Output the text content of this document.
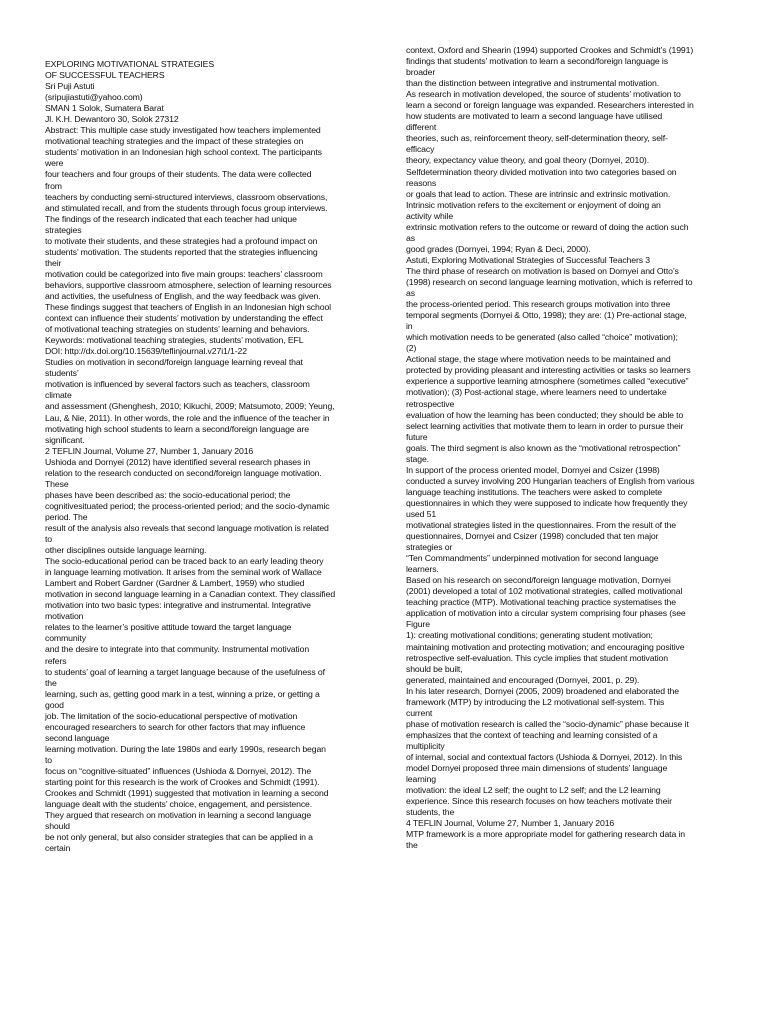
EXPLORING MOTIVATIONAL STRATEGIES
OF SUCCESSFUL TEACHERS
Sri Puji Astuti
(sripujiastuti@yahoo.com)
SMAN 1 Solok, Sumatera Barat
Jl. K.H. Dewantoro 30, Solok 27312
Abstract: This multiple case study investigated how teachers implemented
motivational teaching strategies and the impact of these strategies on
students’ motivation in an Indonesian high school context. The participants
were
four teachers and four groups of their students. The data were collected
from
teachers by conducting semi-structured interviews, classroom observations,
and stimulated recall, and from the students through focus group interviews.
The findings of the research indicated that each teacher had unique
strategies
to motivate their students, and these strategies had a profound impact on
students’ motivation. The students reported that the strategies influencing
their
motivation could be categorized into five main groups: teachers’ classroom
behaviors, supportive classroom atmosphere, selection of learning resources
and activities, the usefulness of English, and the way feedback was given.
These findings suggest that teachers of English in an Indonesian high school
context can influence their students’ motivation by understanding the effect
of motivational teaching strategies on students’ learning and behaviors.
Keywords: motivational teaching strategies, students’ motivation, EFL
DOI: http://dx.doi.org/10.15639/teflinjournal.v27i1/1-22
Studies on motivation in second/foreign language learning reveal that
students’
motivation is influenced by several factors such as teachers, classroom
climate
and assessment (Ghenghesh, 2010; Kikuchi, 2009; Matsumoto, 2009; Yeung,
Lau, & Nie, 2011). In other words, the role and the influence of the teacher in
motivating high school students to learn a second/foreign language are
significant.
2 TEFLIN Journal, Volume 27, Number 1, January 2016
Ushioda and Dornyei (2012) have identified several research phases in
relation to the research conducted on second/foreign language motivation.
These
phases have been described as: the socio-educational period; the
cognitivesituated period; the process-oriented period; and the socio-dynamic
period. The
result of the analysis also reveals that second language motivation is related
to
other disciplines outside language learning.
The socio-educational period can be traced back to an early leading theory
in language learning motivation. It arises from the seminal work of Wallace
Lambert and Robert Gardner (Gardner & Lambert, 1959) who studied
motivation in second language learning in a Canadian context. They classified
motivation into two basic types: integrative and instrumental. Integrative
motivation
relates to the learner’s positive attitude toward the target language
community
and the desire to integrate into that community. Instrumental motivation
refers
to students’ goal of learning a target language because of the usefulness of
the
learning, such as, getting good mark in a test, winning a prize, or getting a
good
job. The limitation of the socio-educational perspective of motivation
encouraged researchers to search for other factors that may influence
second language
learning motivation. During the late 1980s and early 1990s, research began
to
focus on “cognitive-situated” influences (Ushioda & Dornyei, 2012). The
starting point for this research is the work of Crookes and Schmidt (1991).
Crookes and Schmidt (1991) suggested that motivation in learning a second
language dealt with the students’ choice, engagement, and persistence.
They argued that research on motivation in learning a second language
should
be not only general, but also consider strategies that can be applied in a
certain
context. Oxford and Shearin (1994) supported Crookes and Schmidt’s (1991)
findings that students’ motivation to learn a second/foreign language is
broader
than the distinction between integrative and instrumental motivation.
As research in motivation developed, the source of students’ motivation to
learn a second or foreign language was expanded. Researchers interested in
how students are motivated to learn a second language have utilised
different
theories, such as, reinforcement theory, self-determination theory, self-
efficacy
theory, expectancy value theory, and goal theory (Dornyei, 2010).
Selfdetermination theory divided motivation into two categories based on
reasons
or goals that lead to action. These are intrinsic and extrinsic motivation.
Intrinsic motivation refers to the excitement or enjoyment of doing an
activity while
extrinsic motivation refers to the outcome or reward of doing the action such
as
good grades (Dornyei, 1994; Ryan & Deci, 2000).
Astuti, Exploring Motivational Strategies of Successful Teachers 3
The third phase of research on motivation is based on Dornyei and Otto’s
(1998) research on second language learning motivation, which is referred to
as
the process-oriented period. This research groups motivation into three
temporal segments (Dornyei & Otto, 1998); they are: (1) Pre-actional stage,
in
which motivation needs to be generated (also called “choice” motivation);
(2)
Actional stage, the stage where motivation needs to be maintained and
protected by providing pleasant and interesting activities or tasks so learners
experience a supportive learning atmosphere (sometimes called “executive”
motivation); (3) Post-actional stage, where learners need to undertake
retrospective
evaluation of how the learning has been conducted; they should be able to
select learning activities that motivate them to learn in order to pursue their
future
goals. The third segment is also known as the “motivational retrospection”
stage.
In support of the process oriented model, Dornyei and Csizer (1998)
conducted a survey involving 200 Hungarian teachers of English from various
language teaching institutions. The teachers were asked to complete
questionnaires in which they were supposed to indicate how frequently they
used 51
motivational strategies listed in the questionnaires. From the result of the
questionnaires, Dornyei and Csizer (1998) concluded that ten major
strategies or
“Ten Commandments” underpinned motivation for second language
learners.
Based on his research on second/foreign language motivation, Dornyei
(2001) developed a total of 102 motivational strategies, called motivational
teaching practice (MTP). Motivational teaching practice systematises the
application of motivation into a circular system comprising four phases (see
Figure
1): creating motivational conditions; generating student motivation;
maintaining motivation and protecting motivation; and encouraging positive
retrospective self-evaluation. This cycle implies that student motivation
should be built,
generated, maintained and encouraged (Dornyei, 2001, p. 29).
In his later research, Dornyei (2005, 2009) broadened and elaborated the
framework (MTP) by introducing the L2 motivational self-system. This
current
phase of motivation research is called the “socio-dynamic” phase because it
emphasizes that the context of teaching and learning consisted of a
multiplicity
of internal, social and contextual factors (Ushioda & Dornyei, 2012). In this
model Dornyei proposed three main dimensions of students’ language
learning
motivation: the ideal L2 self; the ought to L2 self; and the L2 learning
experience. Since this research focuses on how teachers motivate their
students, the
4 TEFLIN Journal, Volume 27, Number 1, January 2016
MTP framework is a more appropriate model for gathering research data in
the
